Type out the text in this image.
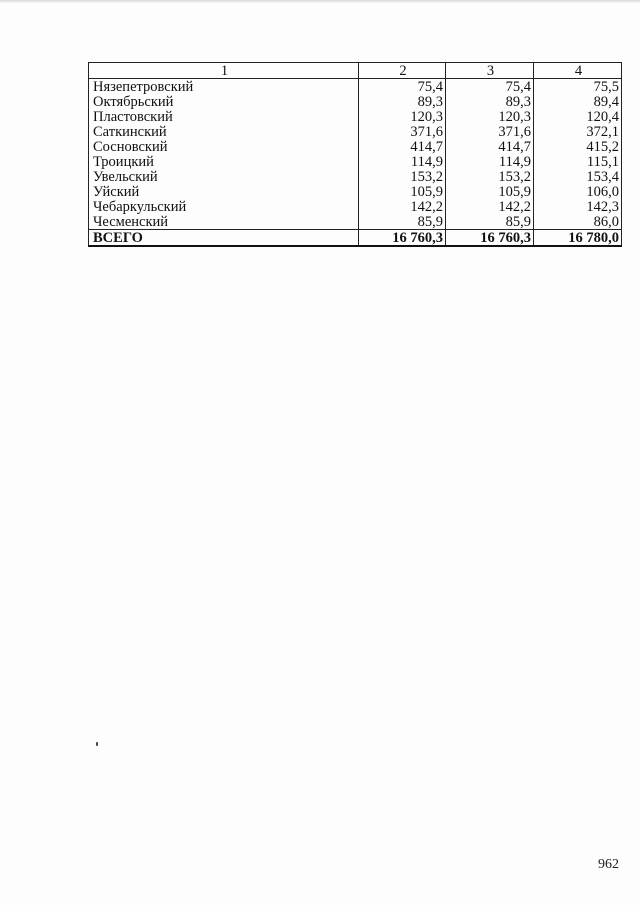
1	2	3	4
Нязепетровский	75,4	75,4	75,5
Октябрьский	89,3	89,3	89,4
Пластовский	120,3	120,3	120,4
Саткинский	371,6	371,6	372,1
Сосновский	414,7	414,7	415,2
Троицкий	114,9	114,9	115,1
Увельский	153,2	153,2	153,4
Уйский	105,9	105,9	106,0
Чебаркульский	142,2	142,2	142,3
Чесменский	85,9	85,9	86,0
ВСЕГО	16 760,3	16 760,3	16 780,0
962
